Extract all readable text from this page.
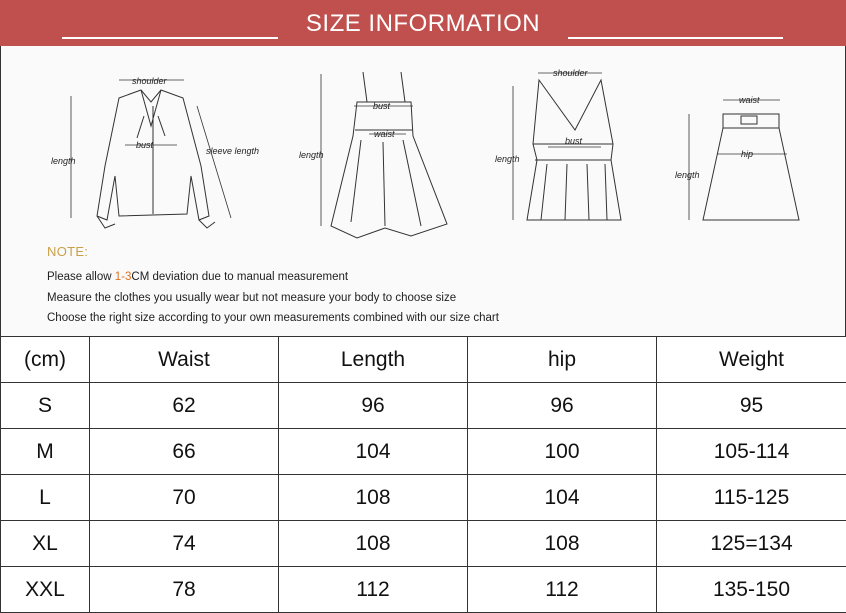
SIZE INFORMATION
shoulder
bust
length
sleeve length
bust
waist
length
shoulder
bust
length
waist
hip
length
NOTE:
Please allow 1-3CM deviation due to manual measurement
Measure the clothes you usually wear but not measure your body to choose size
Choose the right size according to your own measurements combined with our size chart
(cm)	Waist	Length	hip	Weight
S	62	96	96	95
M	66	104	100	105-114
L	70	108	104	115-125
XL	74	108	108	125=134
XXL	78	112	112	135-150
